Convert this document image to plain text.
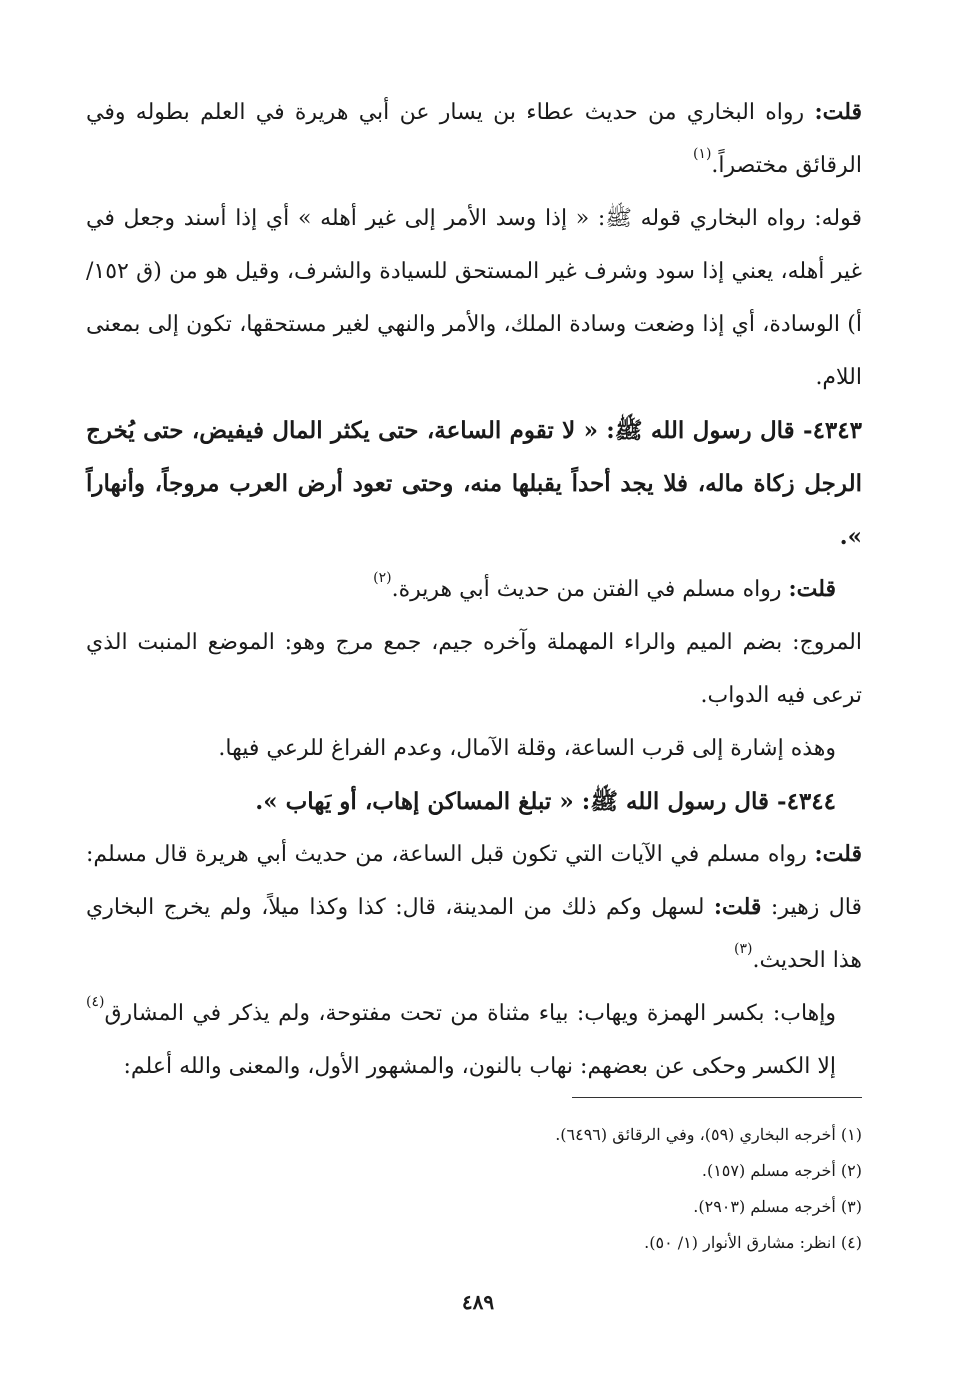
قلت: رواه البخاري من حديث عطاء بن يسار عن أبي هريرة في العلم بطوله وفي الرقائق مختصراً.$^{(١)}$

قوله: رواه البخاري قوله ﷺ: « إذا وسد الأمر إلى غير أهله » أي إذا أسند وجعل في غير أهله، يعني إذا سود وشرف غير المستحق للسيادة والشرف، وقيل هو من (ق ١٥٢/أ) الوسادة، أي إذا وضعت وسادة الملك، والأمر والنهي لغير مستحقها، تكون إلى بمعنى اللام.

٤٣٤٣- قال رسول الله ﷺ: « لا تقوم الساعة، حتى يكثر المال فيفيض، حتى يُخرج الرجل زكاة ماله، فلا يجد أحداً يقبلها منه، وحتى تعود أرض العرب مروجاً، وأنهاراً ».

قلت: رواه مسلم في الفتن من حديث أبي هريرة.$^{(٢)}$

المروج: بضم الميم والراء المهملة وآخره جيم، جمع مرج وهو: الموضع المنبت الذي ترعى فيه الدواب.

وهذه إشارة إلى قرب الساعة، وقلة الآمال، وعدم الفراغ للرعي فيها.

٤٣٤٤- قال رسول الله ﷺ: « تبلغ المساكن إهاب، أو يَهاب ».

قلت: رواه مسلم في الآيات التي تكون قبل الساعة، من حديث أبي هريرة قال مسلم: قال زهير: قلت: لسهل وكم ذلك من المدينة، قال: كذا وكذا ميلاً، ولم يخرج البخاري هذا الحديث.$^{(٣)}$

وإهاب: بكسر الهمزة ويهاب: بياء مثناة من تحت مفتوحة، ولم يذكر في المشارق$^{(٤)}$ إلا الكسر وحكى عن بعضهم: نهاب بالنون، والمشهور الأول، والمعنى والله أعلم:

(١) أخرجه البخاري (٥٩)، وفي الرقائق (٦٤٩٦).

(٢) أخرجه مسلم (١٥٧).

(٣) أخرجه مسلم (٢٩٠٣).

(٤) انظر: مشارق الأنوار (١/ ٥٠).

٤٨٩
